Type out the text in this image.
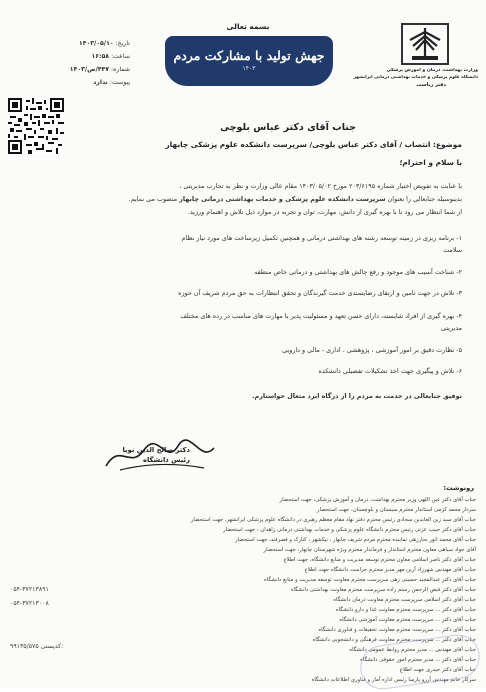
وزارت بهداشت، درمان و آموزش پزشکی
دانشگاه علوم پزشکی و خدمات بهداشتی درمانی ایرانشهر
دفتر ریاست
بسمه تعالی
جهش تولید با مشارکت مردم
۱۴۰۳
تاریخ: ۱۴۰۳/۰۵/۱۰
ساعت: ۱۶:۵۸
شماره: ۴۴۷/ص/۱۴۰۳
پیوست: ندارد
جناب آقای دکتر عباس بلوچی
موضوع: انتصاب / آقای دکتر عباس بلوچی/ سرپرست دانشکده علوم پزشکی چابهار
با سلام و احترام؛
با عنایت به تفویض اختیار شماره ۲۰۳/۶۱۹۵ مورخ ۱۴۰۳/۰۵/۰۲ مقام عالی وزارت و نظر به تجارب مدیریتی ،
بدینوسیله جنابعالی را بعنوان سرپرست دانشکده علوم پزشکی و خدمات بهداشتی درمانی چابهار منصوب می نمایم.
از شما انتظار می رود تا با بهره گیری از دانش، مهارت، توان و تجربه در موارد ذیل تلاش و اهتمام ورزید.
۱- برنامه ریزی در زمینه توسعه رشته های بهداشتی درمانی و همچنین تکمیل زیرساخت های مورد نیاز نظام
سلامت
۲- شناخت آسیب های موجود و رفع چالش های بهداشتی و درمانی خاص منطقه
۳- تلاش در جهت تامین و ارتقای رضایتمندی خدمت گیرندگان و تحقق انتظارات به حق مردم شریف آن حوزه
۴- بهره گیری از افراد شایسته، دارای حسن تعهد و مسئولیت پذیر با مهارت های مناسب در رده های مختلف
مدیریتی
۵- نظارت دقیق بر امور آموزشی ، پژوهشی ، اداری - مالی و دارویی
۶- تلاش و پیگیری جهت اخذ تشکیلات تفصیلی دانشکده
توفیق جنابعالی در خدمت به مردم را از درگاه ایزد متعال خواستارم.
دکتر صالح الدین نویا
رئیس دانشگاه
رونوشت:
جناب آقای دکتر عین اللهی وزیر محترم بهداشت، درمان و آموزش پزشکی، جهت استحضار
سردار محمد کرمی استاندار محترم سیستان و بلوچستان، جهت استحضار
جناب آقای سید زین العابدین سجادی رئیس محترم دفتر نهاد مقام معظم رهبری در دانشگاه علوم پزشکی ایرانشهر، جهت استحضار
جناب آقای دکتر حبیب عزتی رئیس محترم دانشگاه علوم پزشکی و خدمات بهداشتی درمانی زاهدان ، جهت استحضار
جناب آقای محمد انور بحارزهی نماینده محترم مردم شریف چابهار ، نیکشهر ، کنارک و قصرقند، جهت استحضار
آقای جواد سیاهی معاون محترم استاندار و فرماندار محترم ویژه شهرستان چابهار، جهت استحضار
جناب آقای دکتر ناصر اسلامی معاون محترم توسعه مدیریت و منابع دانشگاه، جهت اطلاع
جناب آقای مهندس شهرزاد آرین مهر مدیر محترم حراست دانشگاه جهت اطلاع
جناب آقای دکتر عبدالمجید حسینی زهی سرپرست محترم معاونت توسعه مدیریت و منابع دانشگاه
جناب آقای دکتر فیض الرحمن رستم زاده سرپرست محترم معاونت بهداشتی دانشگاه
جناب آقای دکتر اسلامی سرپرست محترم معاونت درمان دانشگاه
جناب آقای دکتر ... سرپرست محترم معاونت غذا و دارو دانشگاه
جناب آقای دکتر ... سرپرست محترم معاونت آموزشی دانشگاه
جناب آقای دکتر ... سرپرست محترم معاونت تحقیقات و فناوری دانشگاه
جناب آقای دکتر ... سرپرست محترم معاونت فرهنگی و دانشجویی دانشگاه
جناب آقای مهندس ... مدیر محترم روابط عمومی دانشگاه
جناب آقای دکتر ... مدیر محترم امور حقوقی دانشگاه
جناب آقای دکتر حیدری جهت اطلاع
سرکار خانم مهندس آرزو پارسا رئیس اداره آمار و فناوری اطلاعات دانشگاه
۰۵۴-۳۷۲۱۳۸۹۱
۰۵۴-۳۷۲۱۳۰۰۸
۹۹۱۳۵/۵۷۵ کدپستی:
